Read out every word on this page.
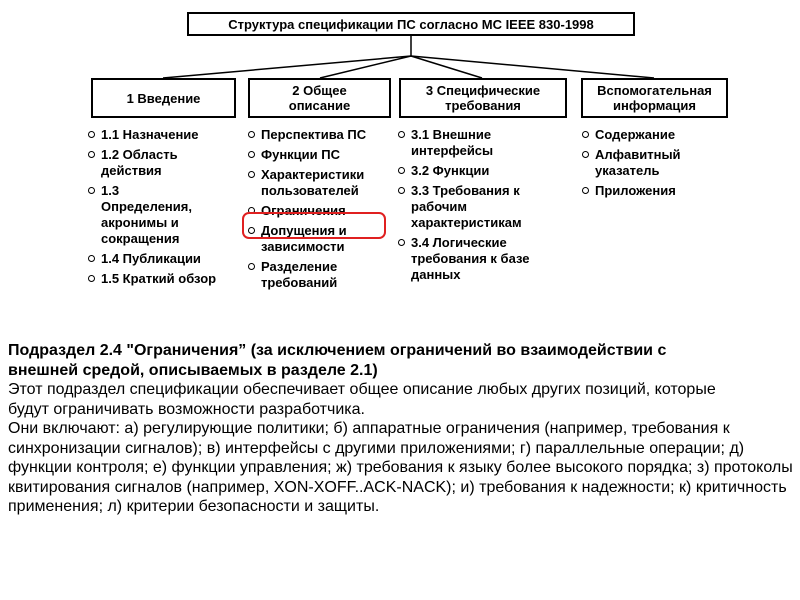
Структура спецификации ПС согласно МС IEEE 830-1998
1 Введение	2 Общее описание
3 Специфические требования
Вспомогательная информация
1.1 Назначение
1.2 Область действия
1.3 Определения, акронимы и сокращения
1.4 Публикации
1.5 Краткий обзор
Перспектива ПС
Функции ПС
Характеристики пользователей
Ограничения
Допущения и зависимости
Разделение требований
3.1 Внешние интерфейсы
3.2 Функции
3.3 Требования к рабочим характеристикам
3.4 Логические требования к базе данных
Содержание
Алфавитный указатель
Приложения

Подраздел 2.4 "Ограничения” (за исключением ограничений во взаимодействии с внешней средой, описываемых в разделе 2.1)

Этот подраздел спецификации обеспечивает общее описание любых других позиций, которые будут ограничивать возможности разработчика.

Они включают: а) регулирующие политики; б) аппаратные ограничения (например, требования к синхронизации сигналов); в) интерфейсы с другими приложениями; г) параллельные операции; д) функции контроля; е) функции управления; ж) требования к языку более высокого порядка; з) протоколы квитирования сигналов (например, XON-XOFF..ACK-NACK); и) требования к надежности; к) критичность применения; л) критерии безопасности и защиты.
